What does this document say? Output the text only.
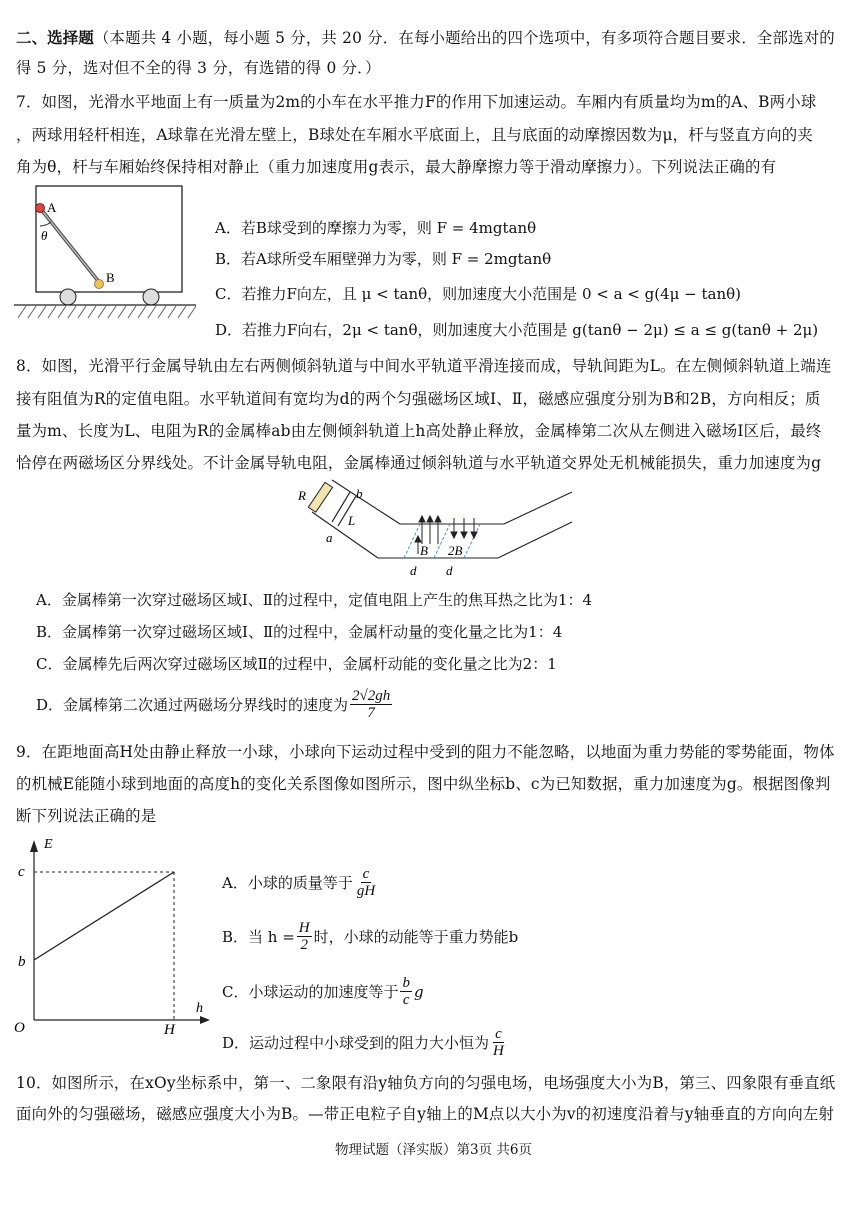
二、选择题（本题共 4 小题，每小题 5 分，共 20 分．在每小题给出的四个选项中，有多项符合题目要求．全部选对的
得 5 分，选对但不全的得 3 分，有选错的得 0 分．）
7．如图，光滑水平地面上有一质量为2m的小车在水平推力F的作用下加速运动。车厢内有质量均为m的A、B两小球
，两球用轻杆相连，A球靠在光滑左壁上，B球处在车厢水平底面上，且与底面的动摩擦因数为μ，杆与竖直方向的夹
角为θ，杆与车厢始终保持相对静止（重力加速度用g表示，最大静摩擦力等于滑动摩擦力）。下列说法正确的有
A
B
θ	A．若B球受到的摩擦力为零，则 F = 4mgtanθ
B．若A球所受车厢壁弹力为零，则 F = 2mgtanθ
C．若推力F向左，且 μ < tanθ，则加速度大小范围是 0 < a < g(4μ − tanθ)
D．若推力F向右，2μ < tanθ，则加速度大小范围是 g(tanθ − 2μ) ≤ a ≤ g(tanθ + 2μ)
8．如图，光滑平行金属导轨由左右两侧倾斜轨道与中间水平轨道平滑连接而成，导轨间距为L。在左侧倾斜轨道上端连
接有阻值为R的定值电阻。水平轨道间有宽均为d的两个匀强磁场区域Ⅰ、Ⅱ，磁感应强度分别为B和2B，方向相反；质
量为m、长度为L、电阻为R的金属棒ab由左侧倾斜轨道上h高处静止释放，金属棒第二次从左侧进入磁场Ⅰ区后，最终
恰停在两磁场区分界线处。不计金属导轨电阻，金属棒通过倾斜轨道与水平轨道交界处无机械能损失，重力加速度为g
R	b
L
a
B 2B
d d
A．金属棒第一次穿过磁场区域Ⅰ、Ⅱ的过程中，定值电阻上产生的焦耳热之比为1：4
B．金属棒第一次穿过磁场区域Ⅰ、Ⅱ的过程中，金属杆动量的变化量之比为1：4
C．金属棒先后两次穿过磁场区域Ⅱ的过程中，金属杆动能的变化量之比为2：1
D．金属棒第二次通过两磁场分界线时的速度为 $\frac{2√2gh}{7}$
9．在距地面高H处由静止释放一小球，小球向下运动过程中受到的阻力不能忽略，以地面为重力势能的零势能面，物体
的机械E能随小球到地面的高度h的变化关系图像如图所示，图中纵坐标b、c为已知数据，重力加速度为g。根据图像判
断下列说法正确的是
E
c
b
O	H
h
A．小球的质量等于 $\frac{c}{gH}$
B．当 $h = \frac{H}{2}$ 时，小球的动能等于重力势能b
C．小球运动的加速度等于 $\frac{b}{c}$ g
D．运动过程中小球受到的阻力大小恒为 $\frac{c}{H}$
10．如图所示，在xOy坐标系中，第一、二象限有沿y轴负方向的匀强电场，电场强度大小为B，第三、四象限有垂直纸
面向外的匀强磁场，磁感应强度大小为B。—带正电粒子自y轴上的M点以大小为v的初速度沿着与y轴垂直的方向向左射
物理试题（泽实版）第3页 共6页
